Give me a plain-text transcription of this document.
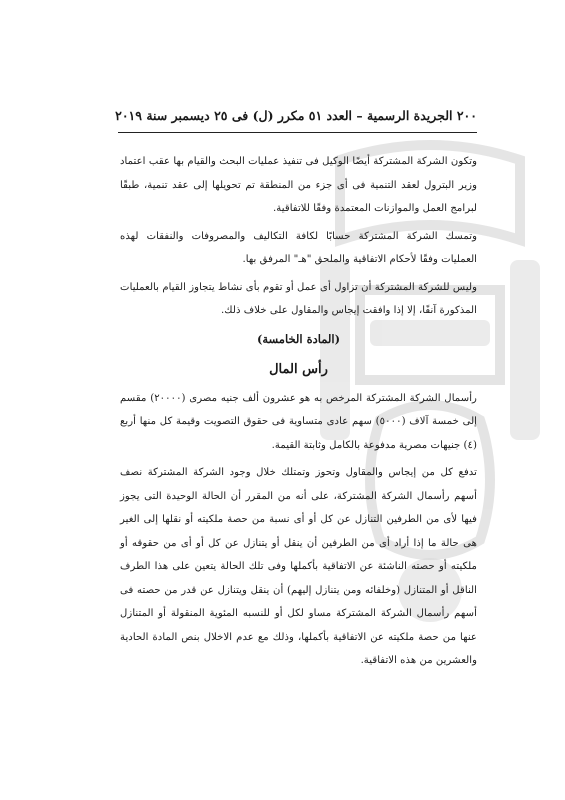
٢٠٠ الجريدة الرسمية – العدد ٥١ مكرر (ل) فى ٢٥ ديسمبر سنة ٢٠١٩

وتكون الشركة المشتركة أيضًا الوكيل فى تنفيذ عمليات البحث والقيام بها عقب اعتماد وزير البترول لعقد التنمية فى أى جزء من المنطقة تم تحويلها إلى عقد تنمية، طبقًا لبرامج العمل والموازنات المعتمدة وفقًا للاتفاقية.

وتمسك الشركة المشتركة حسابًا لكافة التكاليف والمصروفات والنفقات لهذه العمليات وفقًا لأحكام الاتفاقية والملحق "هـ" المرفق بها.

وليس للشركة المشتركة أن تزاول أى عمل أو تقوم بأى نشاط يتجاوز القيام بالعمليات المذكورة آنفًا، إلا إذا وافقت إيجاس والمقاول على خلاف ذلك.

(المادة الخامسة)
رأس المال

رأسمال الشركة المشتركة المرخص به هو عشرون ألف جنيه مصرى (٢٠٠٠٠) مقسم إلى خمسة آلاف (٥٠٠٠) سهم عادى متساوية فى حقوق التصويت وقيمة كل منها أربع (٤) جنيهات مصرية مدفوعة بالكامل وثابتة القيمة.

تدفع كل من إيجاس والمقاول وتحوز وتمتلك خلال وجود الشركة المشتركة نصف أسهم رأسمال الشركة المشتركة، على أنه من المقرر أن الحالة الوحيدة التى يجوز فيها لأى من الطرفين التنازل عن كل أو أى نسبة من حصة ملكيته أو نقلها إلى الغير هى حالة ما إذا أراد أى من الطرفين أن ينقل أو يتنازل عن كل أو أى من حقوقه أو ملكيته أو حصته الناشئة عن الاتفاقية بأكملها وفى تلك الحالة يتعين على هذا الطرف الناقل أو المتنازل (وخلفائه ومن يتنازل إليهم) أن ينقل ويتنازل عن قدر من حصته فى أسهم رأسمال الشركة المشتركة مساو لكل أو للنسبه المئوية المنقولة أو المتنازل عنها من حصة ملكيته عن الاتفاقية بأكملها، وذلك مع عدم الاخلال بنص المادة الحادية والعشرين من هذه الاتفاقية.
